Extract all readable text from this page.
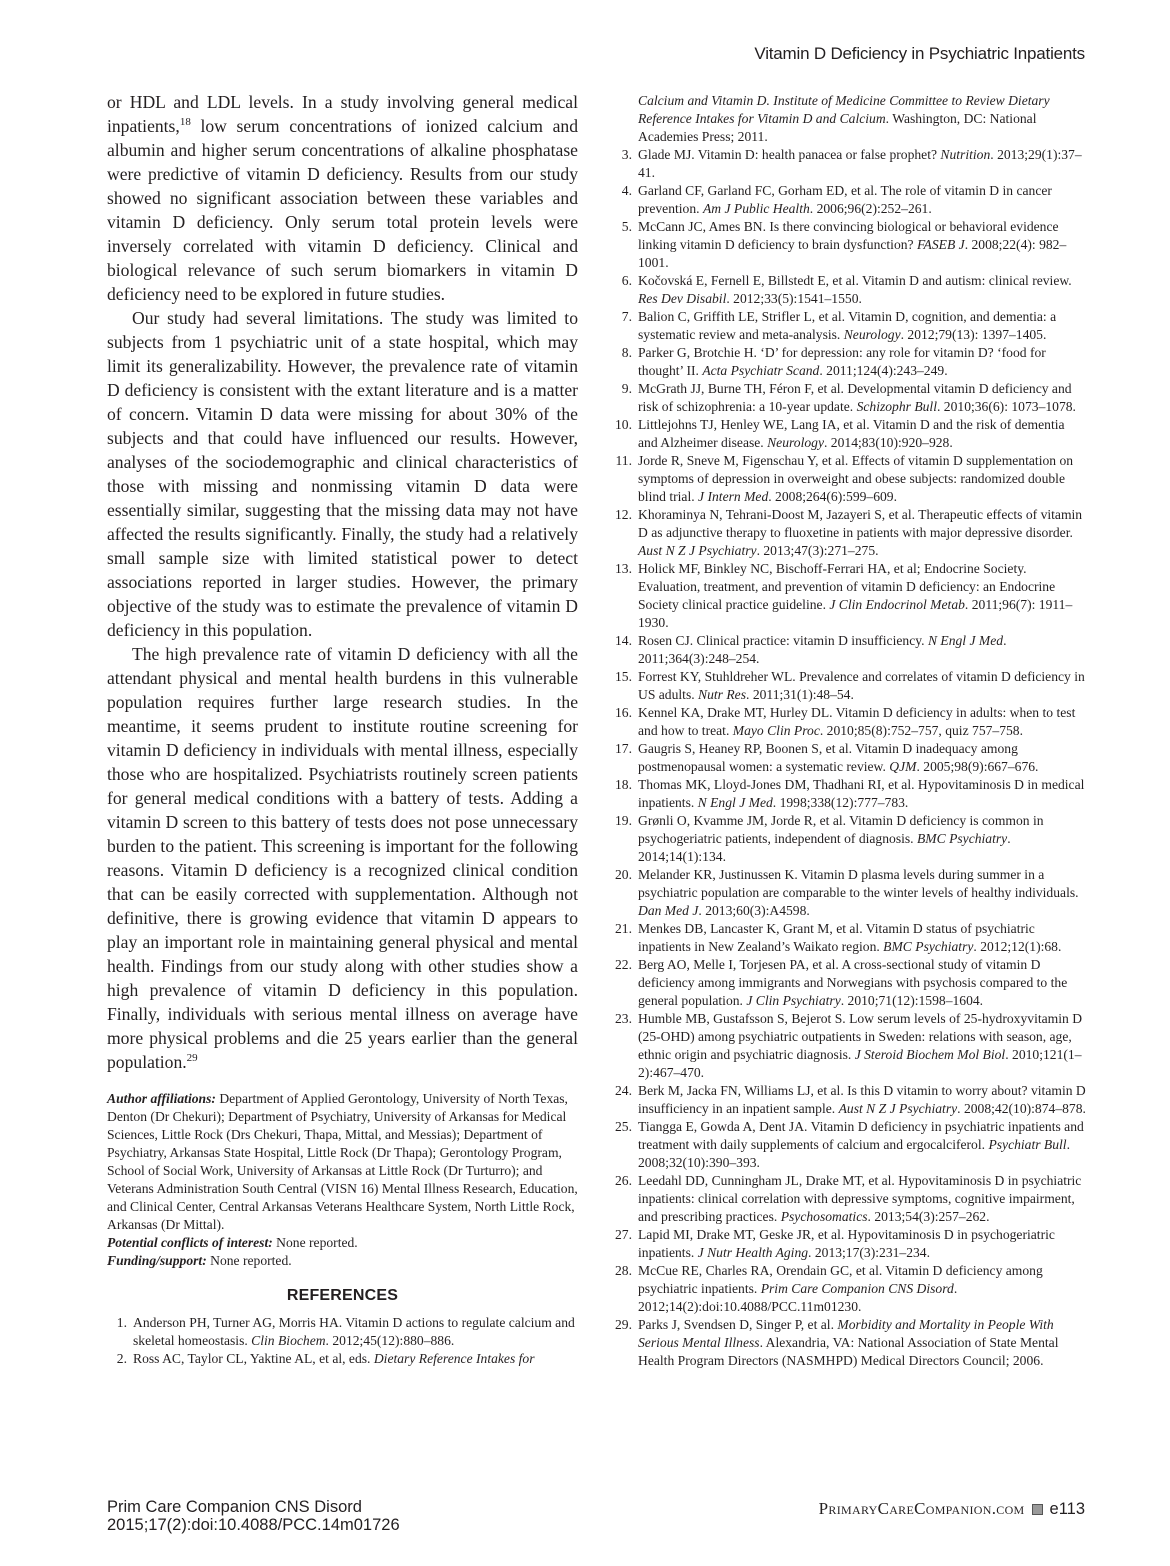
Vitamin D Deficiency in Psychiatric Inpatients

or HDL and LDL levels. In a study involving general medical inpatients,$^{18}$ low serum concentrations of ionized calcium and albumin and higher serum concentrations of alkaline phosphatase were predictive of vitamin D deficiency. Results from our study showed no significant association between these variables and vitamin D deficiency. Only serum total protein levels were inversely correlated with vitamin D deficiency. Clinical and biological relevance of such serum biomarkers in vitamin D deficiency need to be explored in future studies.

Our study had several limitations. The study was limited to subjects from 1 psychiatric unit of a state hospital, which may limit its generalizability. However, the prevalence rate of vitamin D deficiency is consistent with the extant literature and is a matter of concern. Vitamin D data were missing for about 30% of the subjects and that could have influenced our results. However, analyses of the sociodemographic and clinical characteristics of those with missing and nonmissing vitamin D data were essentially similar, suggesting that the missing data may not have affected the results significantly. Finally, the study had a relatively small sample size with limited statistical power to detect associations reported in larger studies. However, the primary objective of the study was to estimate the prevalence of vitamin D deficiency in this population.

The high prevalence rate of vitamin D deficiency with all the attendant physical and mental health burdens in this vulnerable population requires further large research studies. In the meantime, it seems prudent to institute routine screening for vitamin D deficiency in individuals with mental illness, especially those who are hospitalized. Psychiatrists routinely screen patients for general medical conditions with a battery of tests. Adding a vitamin D screen to this battery of tests does not pose unnecessary burden to the patient. This screening is important for the following reasons. Vitamin D deficiency is a recognized clinical condition that can be easily corrected with supplementation. Although not definitive, there is growing evidence that vitamin D appears to play an important role in maintaining general physical and mental health. Findings from our study along with other studies show a high prevalence of vitamin D deficiency in this population. Finally, individuals with serious mental illness on average have more physical problems and die 25 years earlier than the general population.$^{29}$

Author affiliations: Department of Applied Gerontology, University of North Texas, Denton (Dr Chekuri); Department of Psychiatry, University of Arkansas for Medical Sciences, Little Rock (Drs Chekuri, Thapa, Mittal, and Messias); Department of Psychiatry, Arkansas State Hospital, Little Rock (Dr Thapa); Gerontology Program, School of Social Work, University of Arkansas at Little Rock (Dr Turturro); and Veterans Administration South Central (VISN 16) Mental Illness Research, Education, and Clinical Center, Central Arkansas Veterans Healthcare System, North Little Rock, Arkansas (Dr Mittal).

Potential conflicts of interest: None reported.

Funding/support: None reported.

REFERENCES
1. Anderson PH, Turner AG, Morris HA. Vitamin D actions to regulate calcium and skeletal homeostasis. Clin Biochem. 2012;45(12):880–886.
2. Ross AC, Taylor CL, Yaktine AL, et al, eds. Dietary Reference Intakes for
Calcium and Vitamin D. Institute of Medicine Committee to Review Dietary Reference Intakes for Vitamin D and Calcium. Washington, DC: National Academies Press; 2011.
3. Glade MJ. Vitamin D: health panacea or false prophet? Nutrition. 2013;29(1):37–41.
4. Garland CF, Garland FC, Gorham ED, et al. The role of vitamin D in cancer prevention. Am J Public Health. 2006;96(2):252–261.
5. McCann JC, Ames BN. Is there convincing biological or behavioral evidence linking vitamin D deficiency to brain dysfunction? FASEB J. 2008;22(4): 982–1001.
6. Kočovská E, Fernell E, Billstedt E, et al. Vitamin D and autism: clinical review. Res Dev Disabil. 2012;33(5):1541–1550.
7. Balion C, Griffith LE, Strifler L, et al. Vitamin D, cognition, and dementia: a systematic review and meta-analysis. Neurology. 2012;79(13): 1397–1405.
8. Parker G, Brotchie H. ‘D’ for depression: any role for vitamin D? ‘food for thought’ II. Acta Psychiatr Scand. 2011;124(4):243–249.
9. McGrath JJ, Burne TH, Féron F, et al. Developmental vitamin D deficiency and risk of schizophrenia: a 10-year update. Schizophr Bull. 2010;36(6): 1073–1078.
10. Littlejohns TJ, Henley WE, Lang IA, et al. Vitamin D and the risk of dementia and Alzheimer disease. Neurology. 2014;83(10):920–928.
11. Jorde R, Sneve M, Figenschau Y, et al. Effects of vitamin D supplementation on symptoms of depression in overweight and obese subjects: randomized double blind trial. J Intern Med. 2008;264(6):599–609.
12. Khoraminya N, Tehrani-Doost M, Jazayeri S, et al. Therapeutic effects of vitamin D as adjunctive therapy to fluoxetine in patients with major depressive disorder. Aust N Z J Psychiatry. 2013;47(3):271–275.
13. Holick MF, Binkley NC, Bischoff-Ferrari HA, et al; Endocrine Society. Evaluation, treatment, and prevention of vitamin D deficiency: an Endocrine Society clinical practice guideline. J Clin Endocrinol Metab. 2011;96(7): 1911–1930.
14. Rosen CJ. Clinical practice: vitamin D insufficiency. N Engl J Med. 2011;364(3):248–254.
15. Forrest KY, Stuhldreher WL. Prevalence and correlates of vitamin D deficiency in US adults. Nutr Res. 2011;31(1):48–54.
16. Kennel KA, Drake MT, Hurley DL. Vitamin D deficiency in adults: when to test and how to treat. Mayo Clin Proc. 2010;85(8):752–757, quiz 757–758.
17. Gaugris S, Heaney RP, Boonen S, et al. Vitamin D inadequacy among postmenopausal women: a systematic review. QJM. 2005;98(9):667–676.
18. Thomas MK, Lloyd-Jones DM, Thadhani RI, et al. Hypovitaminosis D in medical inpatients. N Engl J Med. 1998;338(12):777–783.
19. Grønli O, Kvamme JM, Jorde R, et al. Vitamin D deficiency is common in psychogeriatric patients, independent of diagnosis. BMC Psychiatry. 2014;14(1):134.
20. Melander KR, Justinussen K. Vitamin D plasma levels during summer in a psychiatric population are comparable to the winter levels of healthy individuals. Dan Med J. 2013;60(3):A4598.
21. Menkes DB, Lancaster K, Grant M, et al. Vitamin D status of psychiatric inpatients in New Zealand’s Waikato region. BMC Psychiatry. 2012;12(1):68.
22. Berg AO, Melle I, Torjesen PA, et al. A cross-sectional study of vitamin D deficiency among immigrants and Norwegians with psychosis compared to the general population. J Clin Psychiatry. 2010;71(12):1598–1604.
23. Humble MB, Gustafsson S, Bejerot S. Low serum levels of 25-hydroxyvitamin D (25-OHD) among psychiatric outpatients in Sweden: relations with season, age, ethnic origin and psychiatric diagnosis. J Steroid Biochem Mol Biol. 2010;121(1–2):467–470.
24. Berk M, Jacka FN, Williams LJ, et al. Is this D vitamin to worry about? vitamin D insufficiency in an inpatient sample. Aust N Z J Psychiatry. 2008;42(10):874–878.
25. Tiangga E, Gowda A, Dent JA. Vitamin D deficiency in psychiatric inpatients and treatment with daily supplements of calcium and ergocalciferol. Psychiatr Bull. 2008;32(10):390–393.
26. Leedahl DD, Cunningham JL, Drake MT, et al. Hypovitaminosis D in psychiatric inpatients: clinical correlation with depressive symptoms, cognitive impairment, and prescribing practices. Psychosomatics. 2013;54(3):257–262.
27. Lapid MI, Drake MT, Geske JR, et al. Hypovitaminosis D in psychogeriatric inpatients. J Nutr Health Aging. 2013;17(3):231–234.
28. McCue RE, Charles RA, Orendain GC, et al. Vitamin D deficiency among psychiatric inpatients. Prim Care Companion CNS Disord. 2012;14(2):doi:10.4088/PCC.11m01230.
29. Parks J, Svendsen D, Singer P, et al. Morbidity and Mortality in People With Serious Mental Illness. Alexandria, VA: National Association of State Mental Health Program Directors (NASMHPD) Medical Directors Council; 2006.
Prim Care Companion CNS Disord
2015;17(2):doi:10.4088/PCC.14m01726
PrimaryCareCompanion.com e113
